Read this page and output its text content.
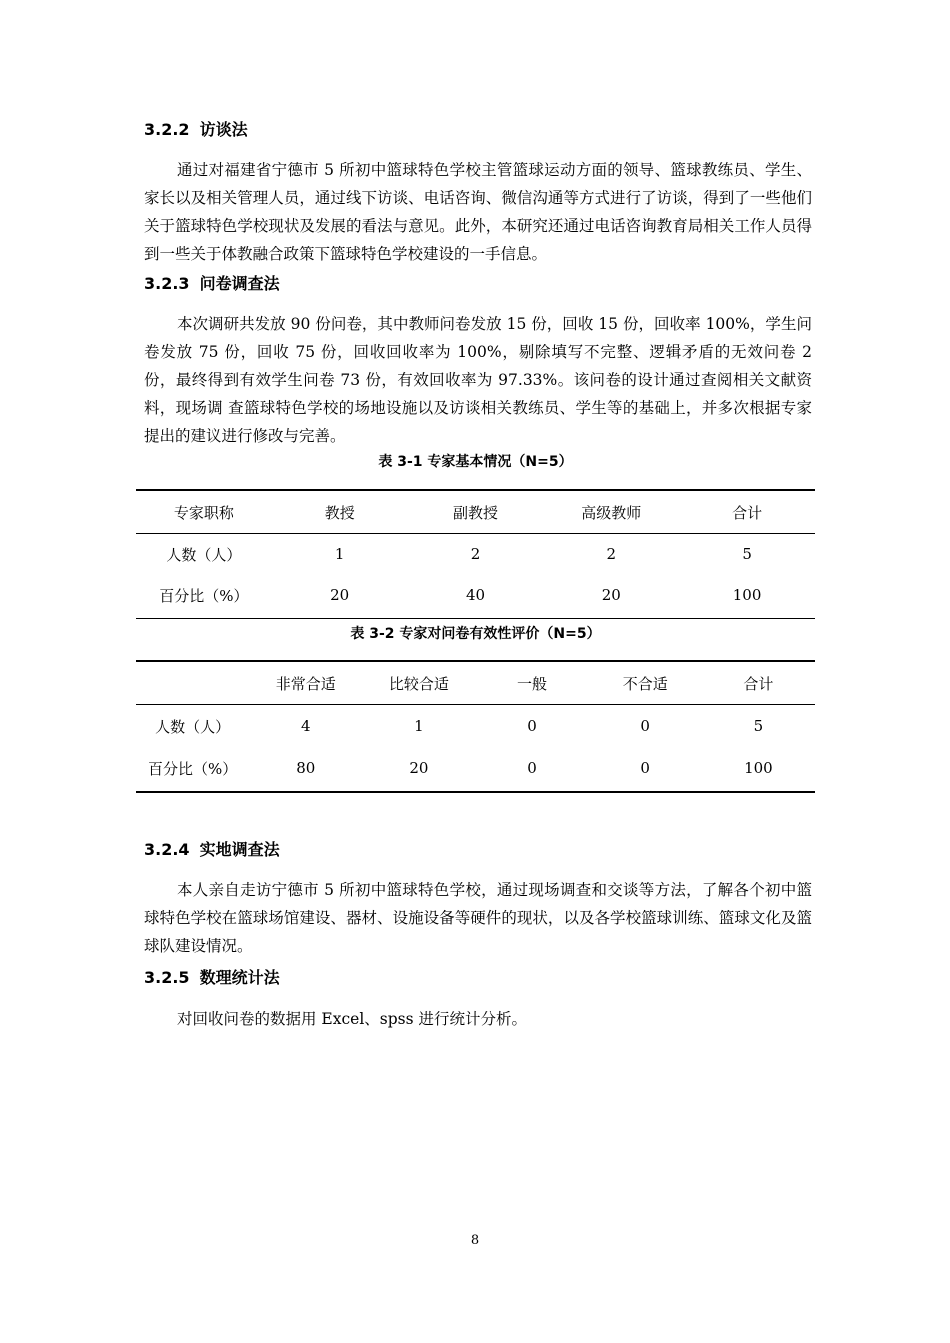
3.2.2 访谈法
通过对福建省宁德市 5 所初中篮球特色学校主管篮球运动方面的领导、篮球教练员、学生、家长以及相关管理人员，通过线下访谈、电话咨询、微信沟通等方式进行了访谈，得到了一些他们关于篮球特色学校现状及发展的看法与意见。此外，本研究还通过电话咨询教育局相关工作人员得到一些关于体教融合政策下篮球特色学校建设的一手信息。
3.2.3 问卷调查法
本次调研共发放 90 份问卷，其中教师问卷发放 15 份，回收 15 份，回收率 100%，学生问卷发放 75 份，回收 75 份，回收回收率为 100%，剔除填写不完整、逻辑矛盾的无效问卷 2 份，最终得到有效学生问卷 73 份，有效回收率为 97.33%。该问卷的设计通过查阅相关文献资料，现场调 查篮球特色学校的场地设施以及访谈相关教练员、学生等的基础上，并多次根据专家提出的建议进行修改与完善。
表 3-1 专家基本情况（N=5）
专家职称	教授	副教授	高级教师	合计

人数（人）	1	2	2	5
百分比（%）	20	40	20	100
表 3-2 专家对问卷有效性评价（N=5）
	非常合适	比较合适	一般	不合适	合计

人数（人）	4	1	0	0	5
百分比（%）	80	20	0	0	100
3.2.4 实地调查法
本人亲自走访宁德市 5 所初中篮球特色学校，通过现场调查和交谈等方法，了解各个初中篮球特色学校在篮球场馆建设、器材、设施设备等硬件的现状，以及各学校篮球训练、篮球文化及篮球队建设情况。
3.2.5 数理统计法
对回收问卷的数据用 Excel、spss 进行统计分析。
8
